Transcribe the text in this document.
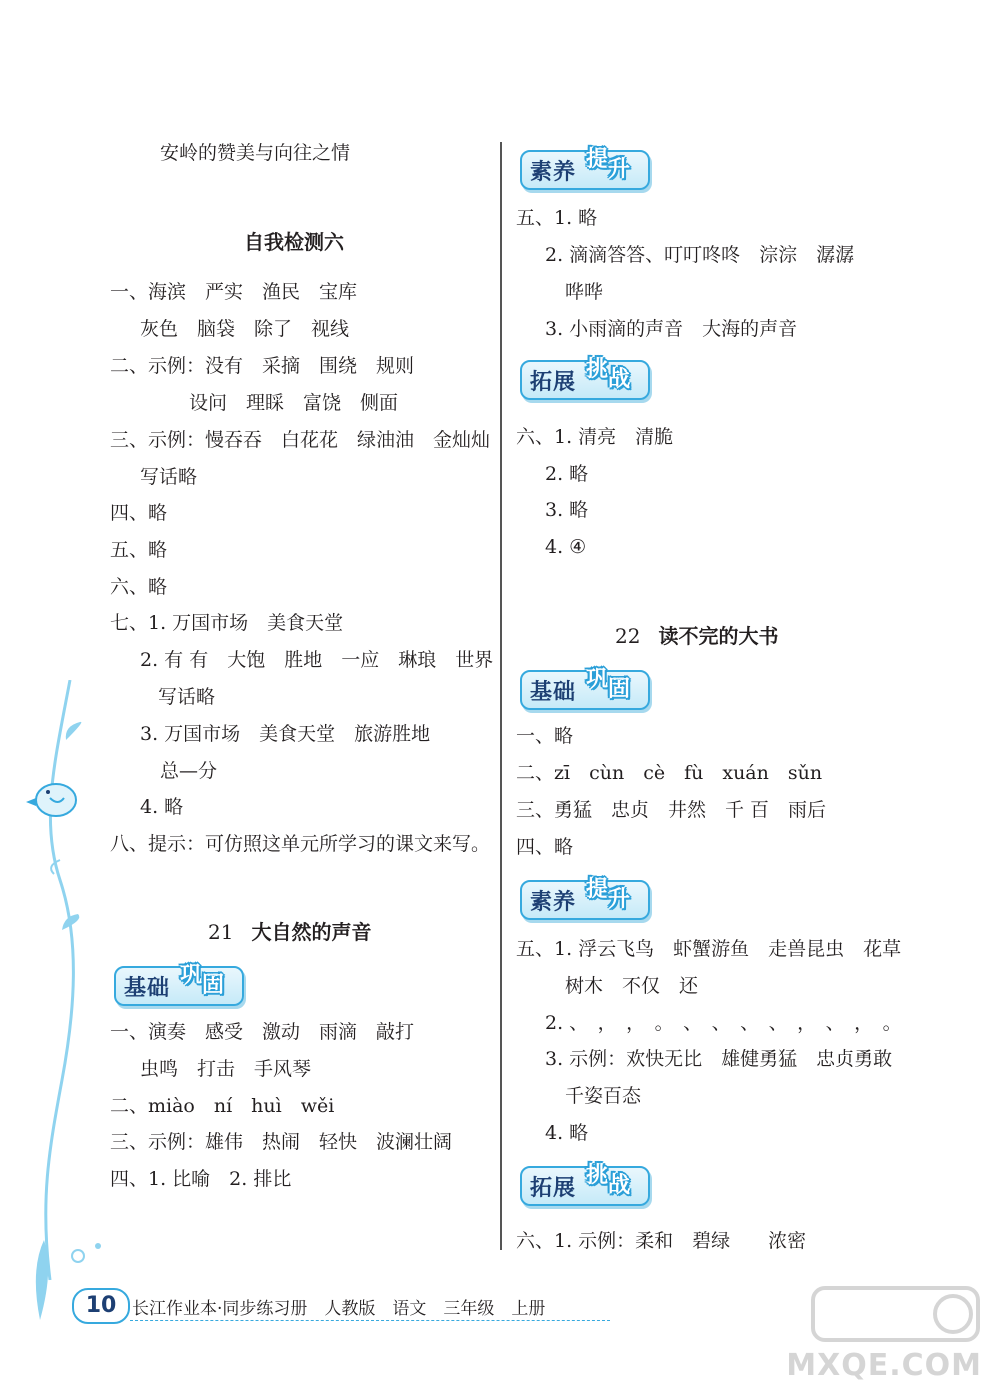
安岭的赞美与向往之情
自我检测六
一、海滨　严实　渔民　宝库
灰色　脑袋　除了　视线
二、示例：没有　采摘　围绕　规则
设问　理睬　富饶　侧面
三、示例：慢吞吞　白花花　绿油油　金灿灿
写话略
四、略
五、略
六、略
七、1. 万国市场　美食天堂
2. 有 有　大饱　胜地　一应　琳琅　世界
写话略
3. 万国市场　美食天堂　旅游胜地
总—分
4. 略
八、提示：可仿照这单元所学习的课文来写。
21 大自然的声音
基础
巩固
一、演奏　感受　激动　雨滴　敲打
虫鸣　打击　手风琴
二、miào　ní　huì　wěi
三、示例：雄伟　热闹　轻快　波澜壮阔
四、1. 比喻　2. 排比
素养
提升
五、1. 略
2. 滴滴答答、叮叮咚咚　淙淙　潺潺
哗哗
3. 小雨滴的声音　大海的声音
拓展
挑战
六、1. 清亮　清脆
2. 略
3. 略
4. ④
22 读不完的大书
基础
巩固
一、略
二、zī　cùn　cè　fù　xuán　sǔn
三、勇猛　忠贞　井然　千 百　雨后
四、略
素养
提升
五、1. 浮云飞鸟　虾蟹游鱼　走兽昆虫　花草
树木　不仅　还
2. 、　，　，　。　、　、　、　、　，　、　，　。
3. 示例：欢快无比　雄健勇猛　忠贞勇敢
千姿百态
4. 略
拓展
挑战
六、1. 示例：柔和　碧绿　　浓密
10 长江作业本·同步练习册　人教版　语文　三年级　上册
MXQE.COM
